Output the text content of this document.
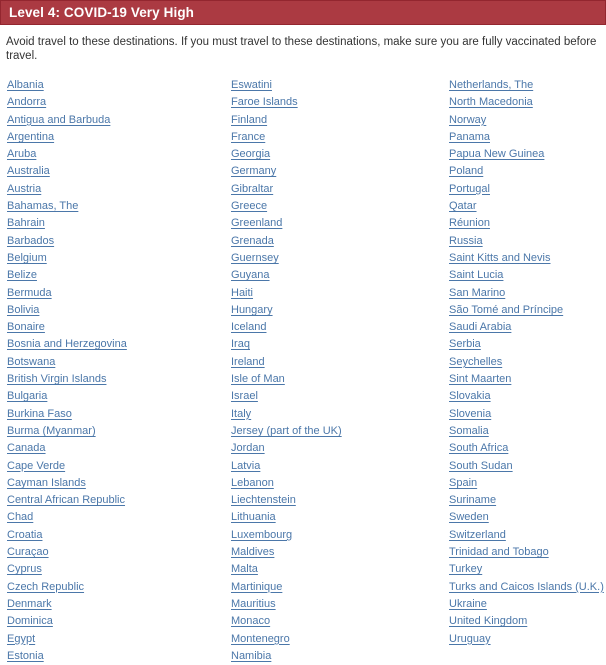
Level 4: COVID-19 Very High

Avoid travel to these destinations. If you must travel to these destinations, make sure you are fully vaccinated before travel.

Albania
Andorra
Antigua and Barbuda
Argentina
Aruba
Australia
Austria
Bahamas, The
Bahrain
Barbados
Belgium
Belize
Bermuda
Bolivia
Bonaire
Bosnia and Herzegovina
Botswana
British Virgin Islands
Bulgaria
Burkina Faso
Burma (Myanmar)
Canada
Cape Verde
Cayman Islands
Central African Republic
Chad
Croatia
Curaçao
Cyprus
Czech Republic
Denmark
Dominica
Egypt
Estonia
Eswatini
Faroe Islands
Finland
France
Georgia
Germany
Gibraltar
Greece
Greenland
Grenada
Guernsey
Guyana
Haiti
Hungary
Iceland
Iraq
Ireland
Isle of Man
Israel
Italy
Jersey (part of the UK)
Jordan
Latvia
Lebanon
Liechtenstein
Lithuania
Luxembourg
Maldives
Malta
Martinique
Mauritius
Monaco
Montenegro
Namibia
Netherlands, The
North Macedonia
Norway
Panama
Papua New Guinea
Poland
Portugal
Qatar
Réunion
Russia
Saint Kitts and Nevis
Saint Lucia
San Marino
São Tomé and Príncipe
Saudi Arabia
Serbia
Seychelles
Sint Maarten
Slovakia
Slovenia
Somalia
South Africa
South Sudan
Spain
Suriname
Sweden
Switzerland
Trinidad and Tobago
Turkey
Turks and Caicos Islands (U.K.)
Ukraine
United Kingdom
Uruguay
